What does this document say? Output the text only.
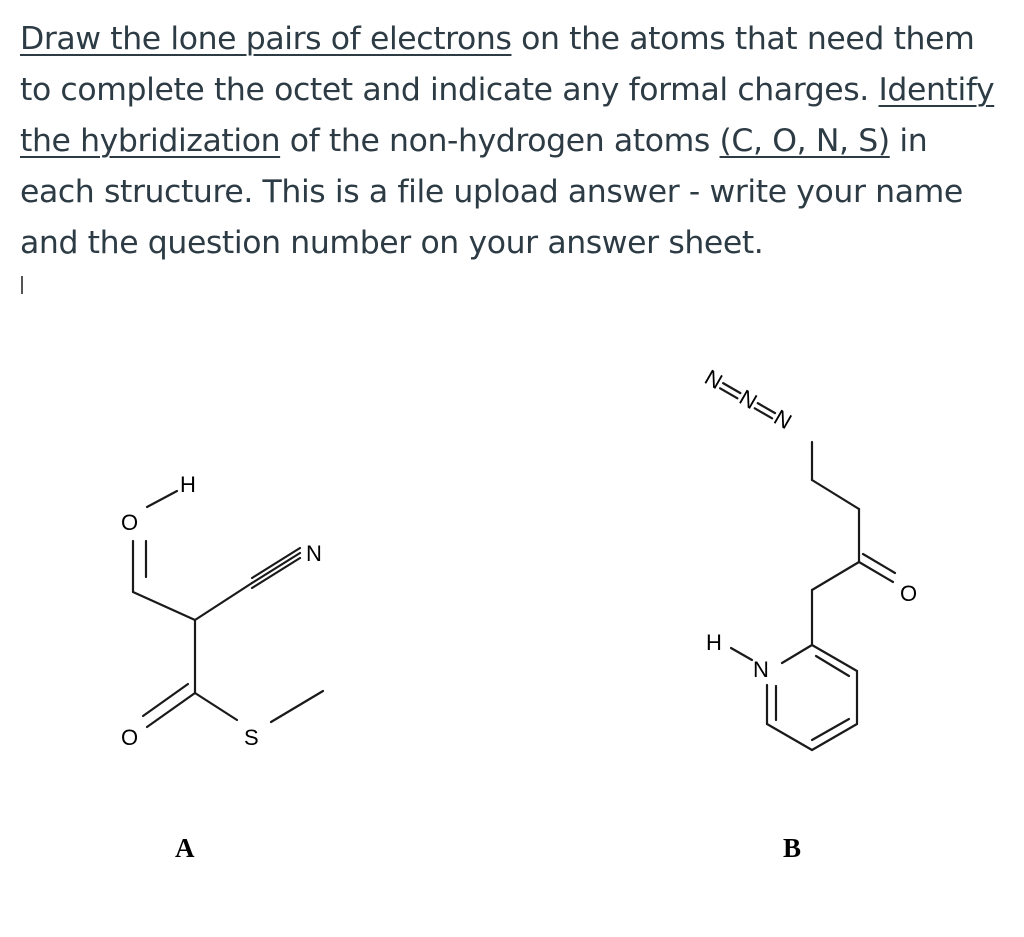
Draw the lone pairs of electrons on the atoms that need them to complete the octet and indicate any formal charges. Identify the hybridization of the non-hydrogen atoms (C, O, N, S) in each structure. This is a file upload answer - write your name and the question number on your answer sheet.
H
O
N
O	S
A
N
N
N
O
H
N
B
